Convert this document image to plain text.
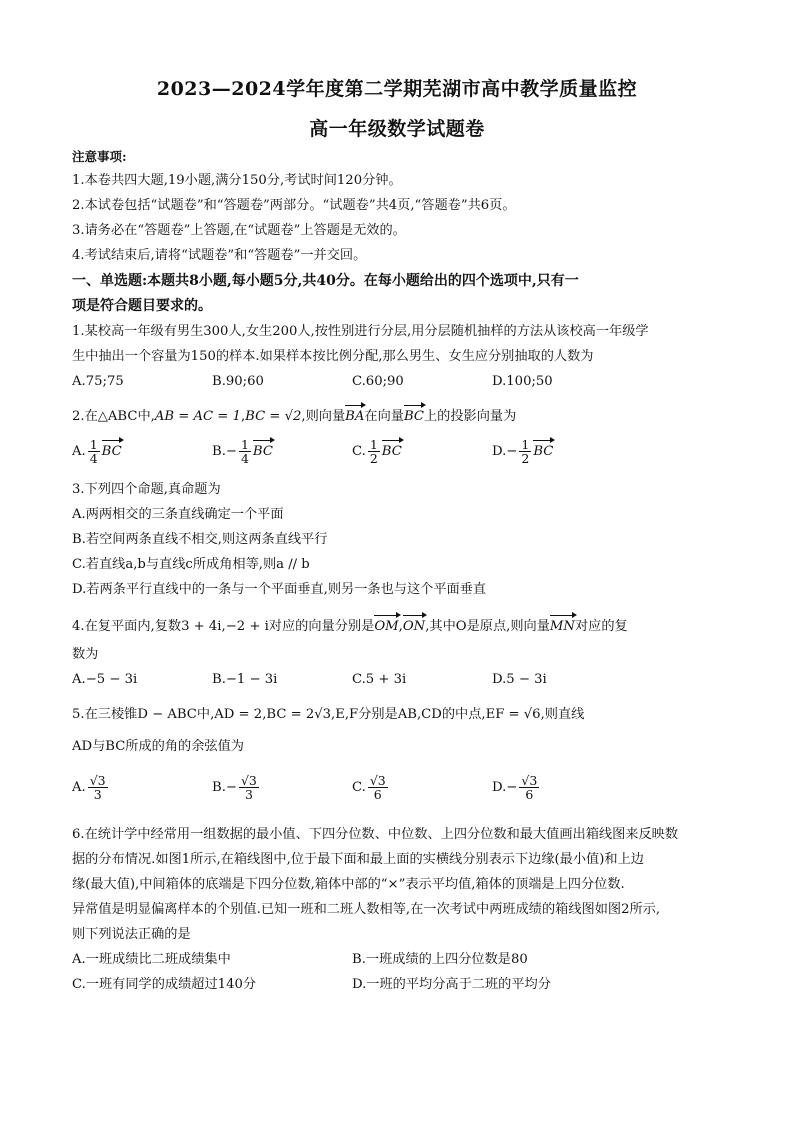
2023—2024学年度第二学期芜湖市高中教学质量监控
高一年级数学试题卷
注意事项:
1.本卷共四大题,19小题,满分150分,考试时间120分钟。
2.本试卷包括“试题卷”和“答题卷”两部分。“试题卷”共4页,“答题卷”共6页。
3.请务必在“答题卷”上答题,在“试题卷”上答题是无效的。
4.考试结束后,请将“试题卷”和“答题卷”一并交回。
一、单选题:本题共8小题,每小题5分,共40分。在每小题给出的四个选项中,只有一
项是符合题目要求的。
1.某校高一年级有男生300人,女生200人,按性别进行分层,用分层随机抽样的方法从该校高一年级学
生中抽出一个容量为150的样本.如果样本按比例分配,那么男生、女生应分别抽取的人数为
A.75;75	B.90;60	C.60;90	D.100;50
2.在△ABC中,AB = AC = 1,BC = √2,则向量BA在向量BC上的投影向量为
A. $\frac{1}{4}$ BC	$B.- \frac{1}{4}$ BC	C. $\frac{1}{2}$ BC	$D.- \frac{1}{2}$ BC
3.下列四个命题,真命题为
A.两两相交的三条直线确定一个平面
B.若空间两条直线不相交,则这两条直线平行
C.若直线a,b与直线c所成角相等,则a // b
D.若两条平行直线中的一条与一个平面垂直,则另一条也与这个平面垂直
4.在复平面内,复数3 + 4i,−2 + i对应的向量分别是OM,ON,其中O是原点,则向量MN对应的复
数为
A.−5 − 3i	B.−1 − 3i	C.5 + 3i	D.5 − 3i
5.在三棱锥D − ABC中,AD = 2,BC = 2√3,E,F分别是AB,CD的中点,EF = √6,则直线
AD与BC所成的角的余弦值为
A. $\frac{√3}{3}$	$B.- \frac{√3}{3}$	C. $\frac{√3}{6}$	$D.- \frac{√3}{6}$
6.在统计学中经常用一组数据的最小值、下四分位数、中位数、上四分位数和最大值画出箱线图来反映数
据的分布情况.如图1所示,在箱线图中,位于最下面和最上面的实横线分别表示下边缘(最小值)和上边
缘(最大值),中间箱体的底端是下四分位数,箱体中部的“×”表示平均值,箱体的顶端是上四分位数.
异常值是明显偏离样本的个别值.已知一班和二班人数相等,在一次考试中两班成绩的箱线图如图2所示,
则下列说法正确的是
A.一班成绩比二班成绩集中	B.一班成绩的上四分位数是80
C.一班有同学的成绩超过140分	D.一班的平均分高于二班的平均分
